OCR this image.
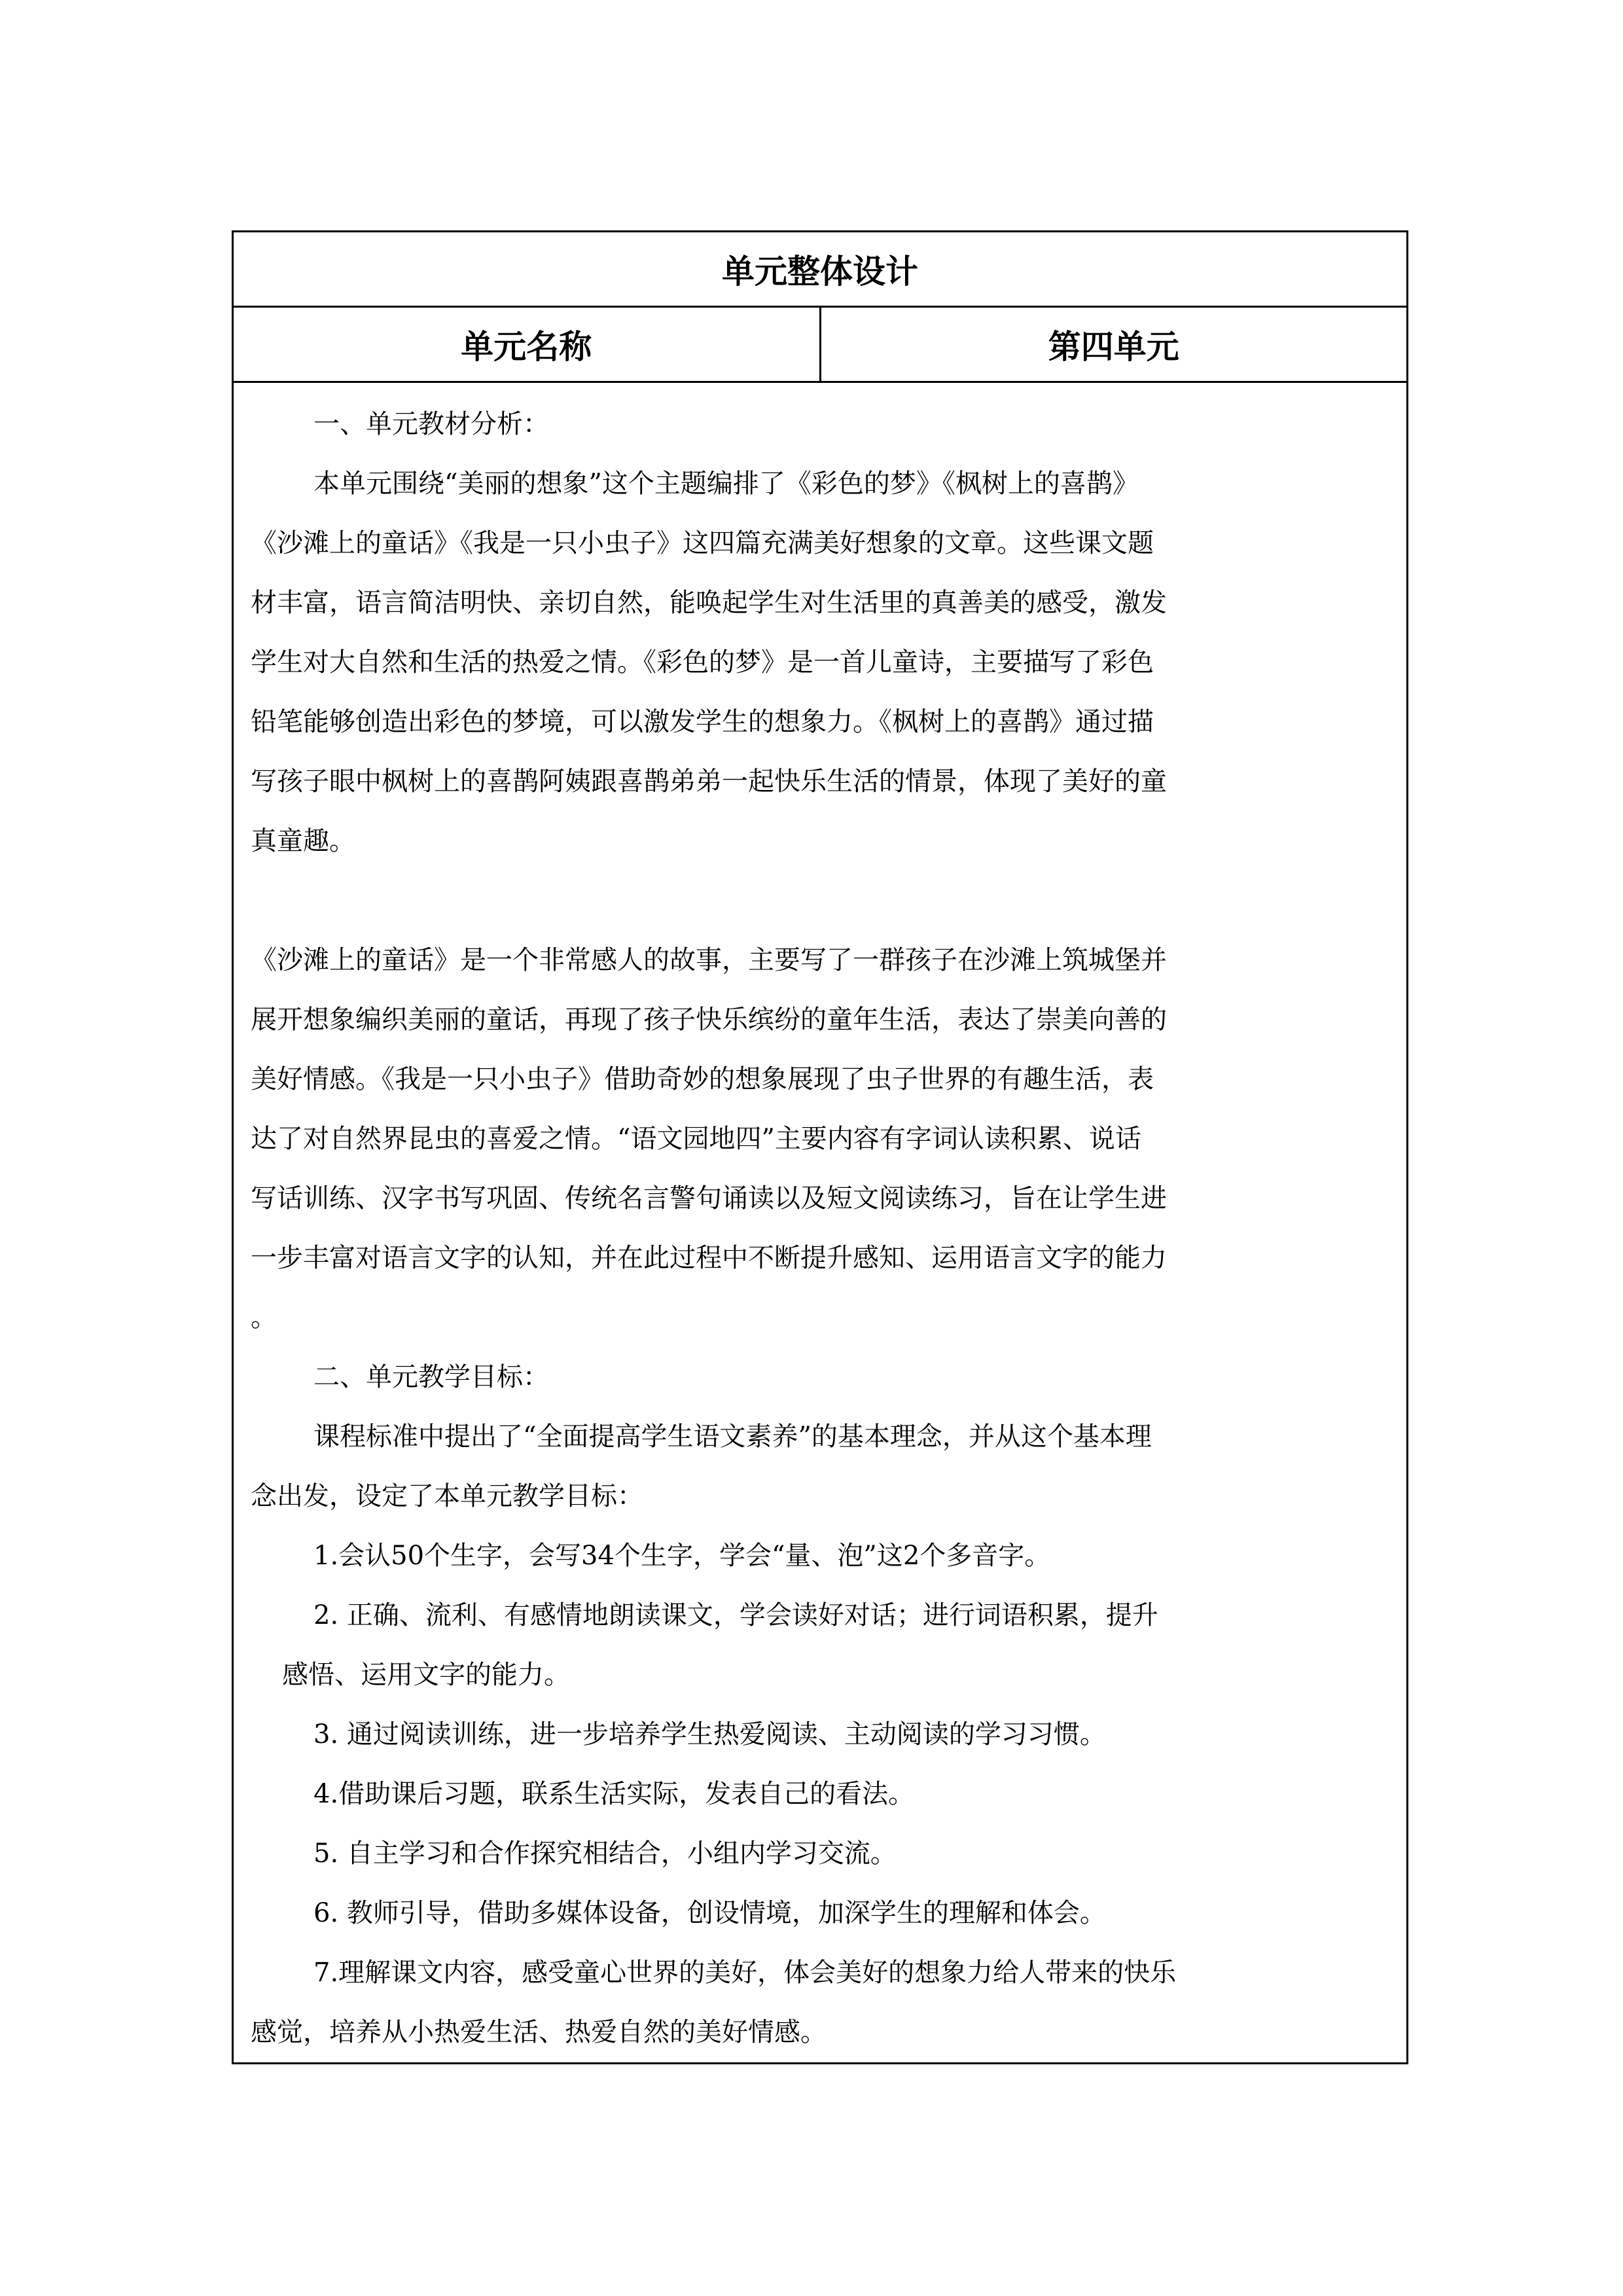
单元整体设计
单元名称	第四单元

一、单元教材分析：
本单元围绕“美丽的想象”这个主题编排了《彩色的梦》《枫树上的喜鹊》
《沙滩上的童话》《我是一只小虫子》这四篇充满美好想象的文章。这些课文题
材丰富，语言简洁明快、亲切自然，能唤起学生对生活里的真善美的感受，激发
学生对大自然和生活的热爱之情。《彩色的梦》是一首儿童诗，主要描写了彩色
铅笔能够创造出彩色的梦境，可以激发学生的想象力。《枫树上的喜鹊》通过描
写孩子眼中枫树上的喜鹊阿姨跟喜鹊弟弟一起快乐生活的情景，体现了美好的童
真童趣。
《沙滩上的童话》是一个非常感人的故事，主要写了一群孩子在沙滩上筑城堡并
展开想象编织美丽的童话，再现了孩子快乐缤纷的童年生活，表达了崇美向善的
美好情感。《我是一只小虫子》借助奇妙的想象展现了虫子世界的有趣生活，表
达了对自然界昆虫的喜爱之情。“语文园地四”主要内容有字词认读积累、说话
写话训练、汉字书写巩固、传统名言警句诵读以及短文阅读练习，旨在让学生进
一步丰富对语言文字的认知，并在此过程中不断提升感知、运用语言文字的能力
。
二、单元教学目标：
课程标准中提出了“全面提高学生语文素养”的基本理念，并从这个基本理
念出发，设定了本单元教学目标：
1.会认50个生字，会写34个生字，学会“量、泡”这2个多音字。
2. 正确、流利、有感情地朗读课文，学会读好对话；进行词语积累，提升
感悟、运用文字的能力。
3. 通过阅读训练，进一步培养学生热爱阅读、主动阅读的学习习惯。
4.借助课后习题，联系生活实际，发表自己的看法。
5. 自主学习和合作探究相结合，小组内学习交流。
6. 教师引导，借助多媒体设备，创设情境，加深学生的理解和体会。
7.理解课文内容，感受童心世界的美好，体会美好的想象力给人带来的快乐
感觉，培养从小热爱生活、热爱自然的美好情感。
